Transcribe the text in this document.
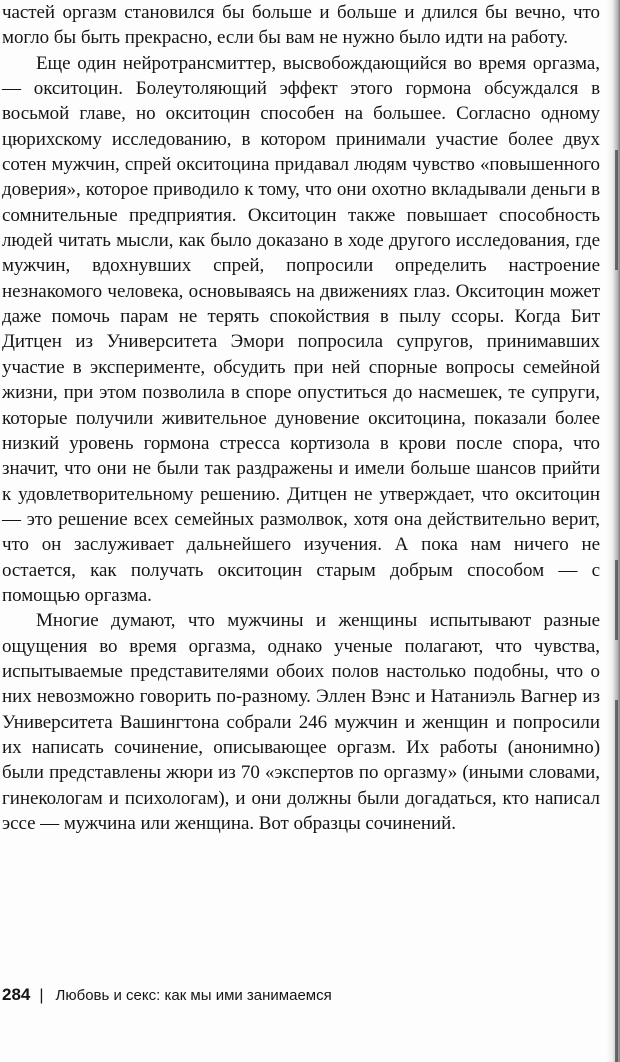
частей оргазм становился бы больше и больше и длился бы вечно, что могло бы быть прекрасно, если бы вам не нужно было идти на работу.

Еще один нейротрансмиттер, высвобождающийся во время оргазма, — окситоцин. Болеутоляющий эффект этого гормона обсуждался в восьмой главе, но окситоцин способен на большее. Согласно одному цюрихскому исследованию, в котором принимали участие более двух сотен мужчин, спрей окситоцина придавал людям чувство «повышенного доверия», которое приводило к тому, что они охотно вкладывали деньги в сомнительные предприятия. Окситоцин также повышает способность людей читать мысли, как было доказано в ходе другого исследования, где мужчин, вдохнувших спрей, попросили определить настроение незнакомого человека, основываясь на движениях глаз. Окситоцин может даже помочь парам не терять спокойствия в пылу ссоры. Когда Бит Дитцен из Университета Эмори попросила супругов, принимавших участие в эксперименте, обсудить при ней спорные вопросы семейной жизни, при этом позволила в споре опуститься до насмешек, те супруги, которые получили живительное дуновение окситоцина, показали более низкий уровень гормона стресса кортизола в крови после спора, что значит, что они не были так раздражены и имели больше шансов прийти к удовлетворительному решению. Дитцен не утверждает, что окситоцин — это решение всех семейных размолвок, хотя она действительно верит, что он заслуживает дальнейшего изучения. А пока нам ничего не остается, как получать окситоцин старым добрым способом — с помощью оргазма.

Многие думают, что мужчины и женщины испытывают разные ощущения во время оргазма, однако ученые полагают, что чувства, испытываемые представителями обоих полов настолько подобны, что о них невозможно говорить по-разному. Эллен Вэнс и Натаниэль Вагнер из Университета Вашингтона собрали 246 мужчин и женщин и попросили их написать сочинение, описывающее оргазм. Их работы (анонимно) были представлены жюри из 70 «экспертов по оргазму» (иными словами, гинекологам и психологам), и они должны были догадаться, кто написал эссе — мужчина или женщина. Вот образцы сочинений.

284 | Любовь и секс: как мы ими занимаемся
